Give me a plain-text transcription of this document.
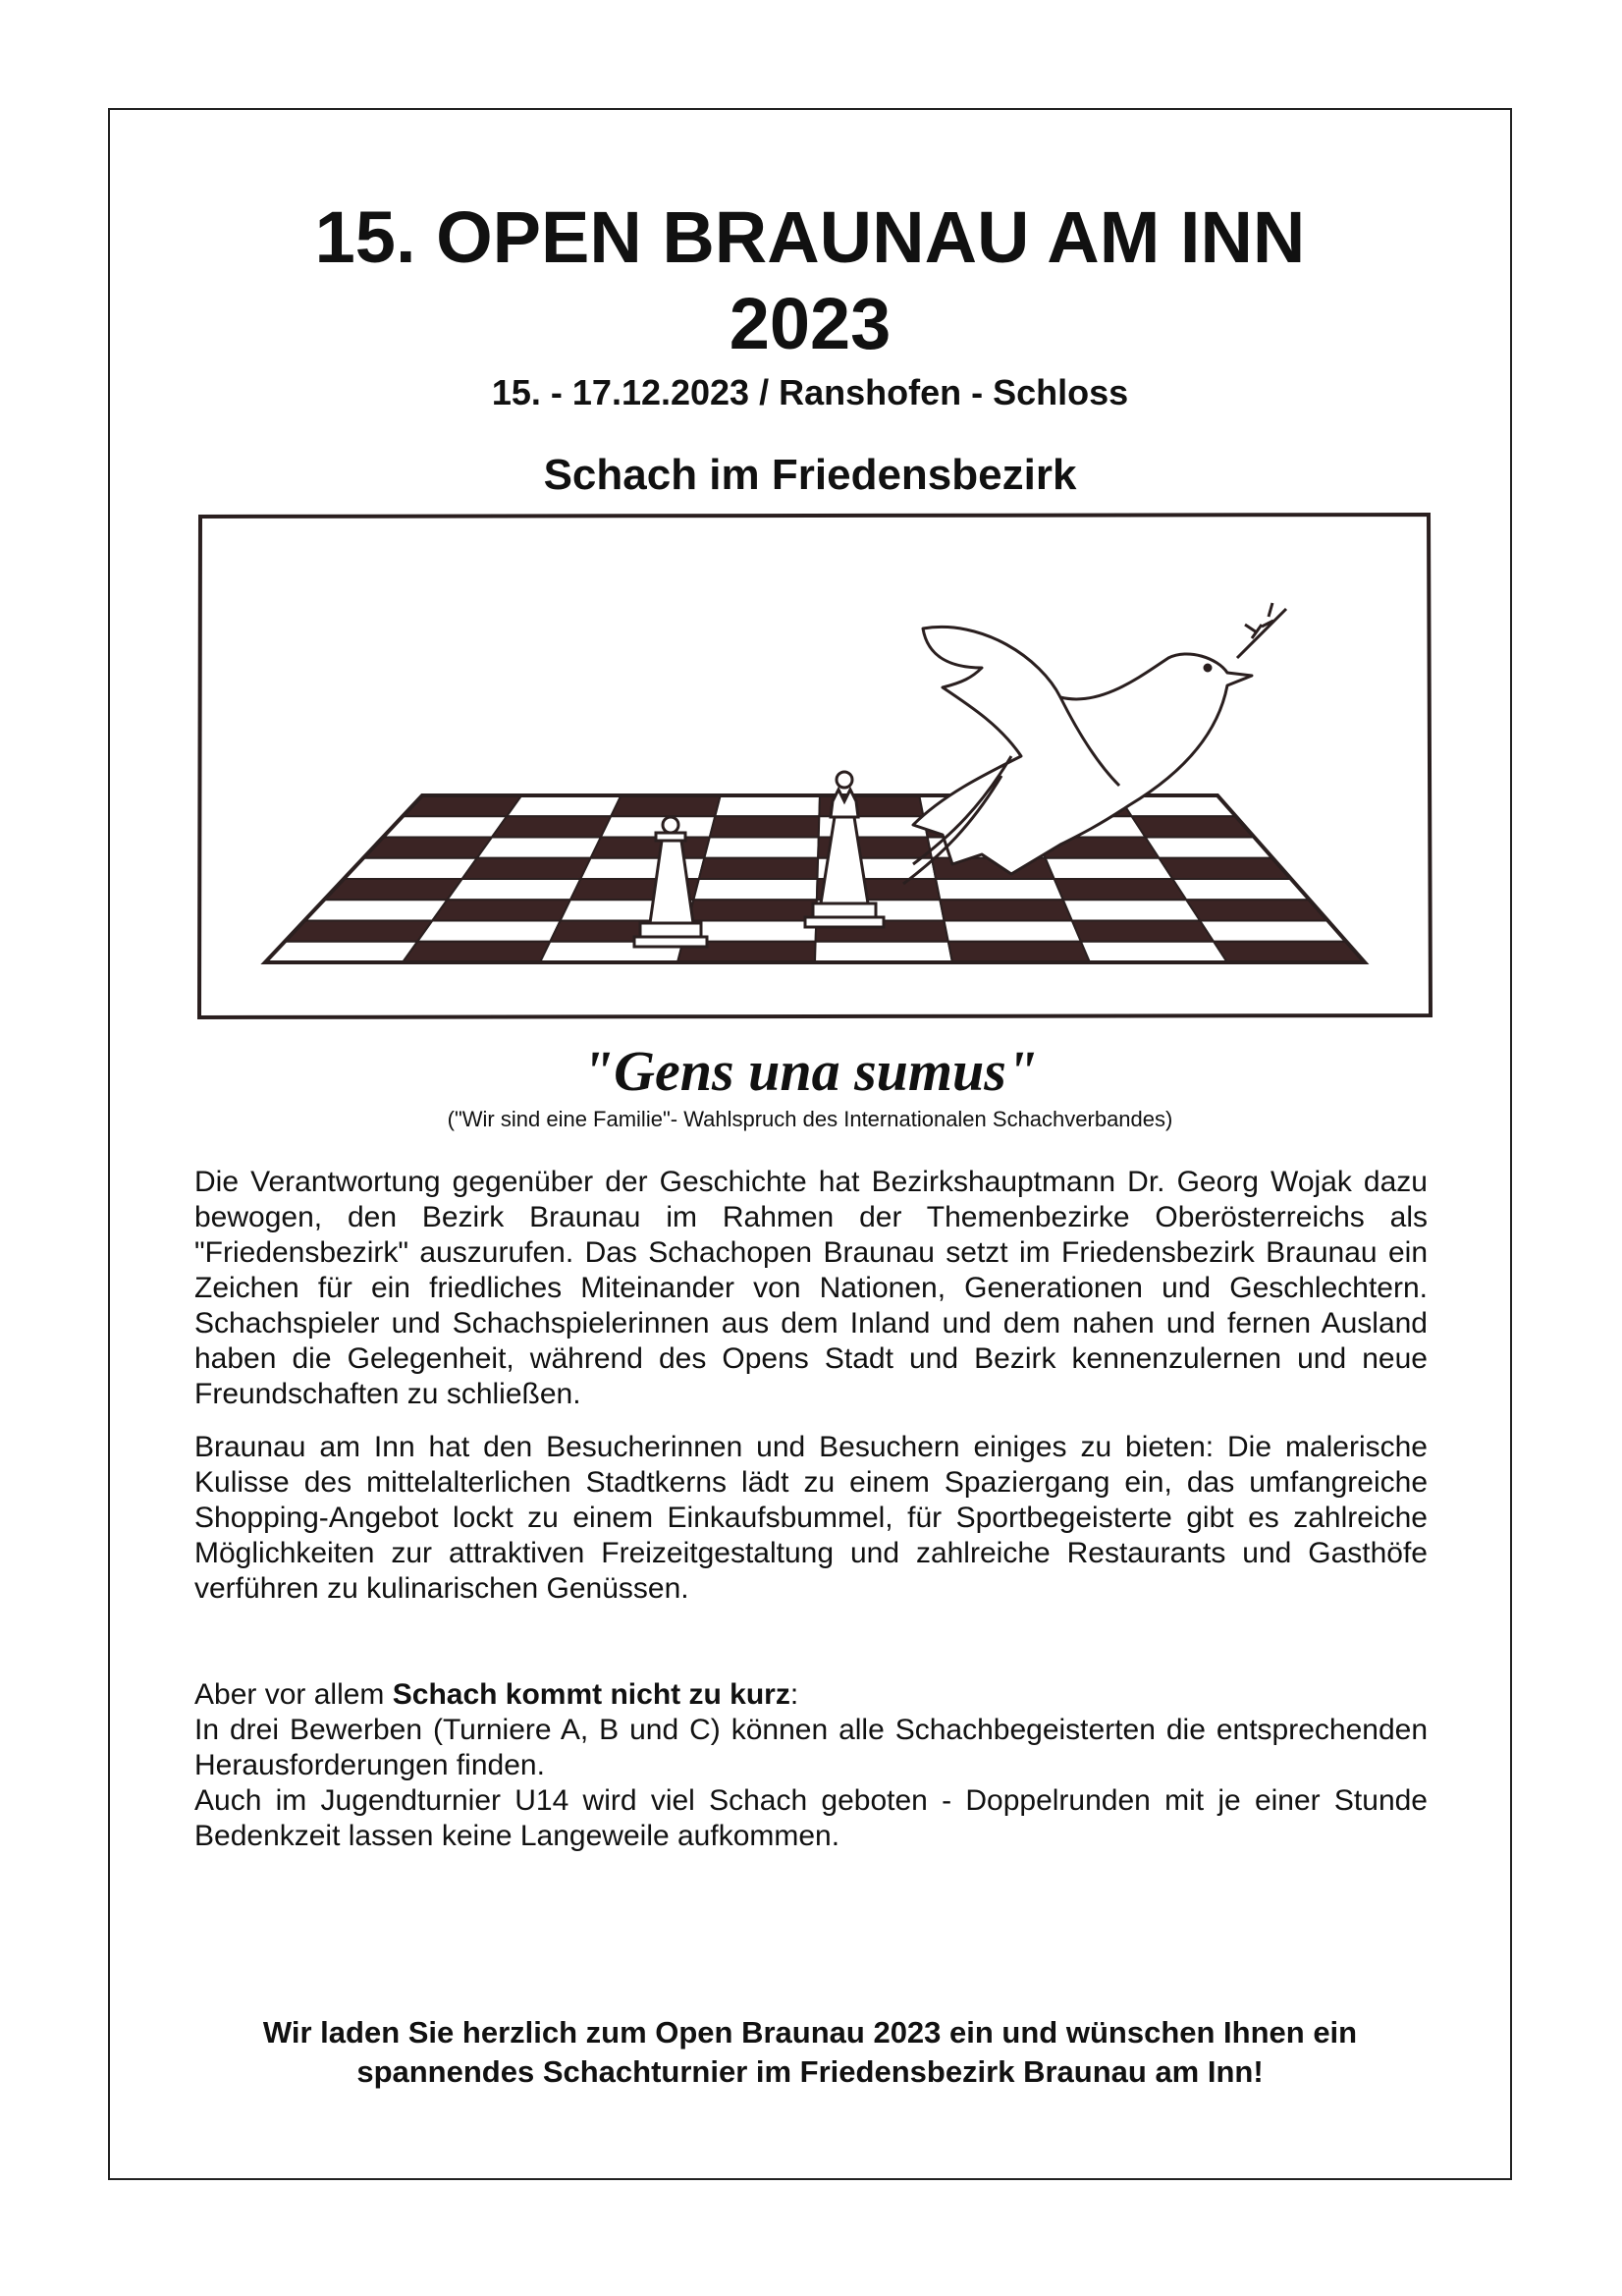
15. OPEN BRAUNAU AM INN
2023
15. - 17.12.2023 / Ranshofen - Schloss
Schach im Friedensbezirk
"Gens una sumus"
("Wir sind eine Familie"- Wahlspruch des Internationalen Schachverbandes)

Die Verantwortung gegenüber der Geschichte hat Bezirkshauptmann Dr. Georg Wojak dazu bewogen, den Bezirk Braunau im Rahmen der Themenbezirke Oberösterreichs als "Friedensbezirk" auszurufen. Das Schachopen Braunau setzt im Friedensbezirk Braunau ein Zeichen für ein friedliches Miteinander von Nationen, Generationen und Geschlechtern. Schachspieler und Schachspielerinnen aus dem Inland und dem nahen und fernen Ausland haben die Gelegenheit, während des Opens Stadt und Bezirk kennenzulernen und neue Freundschaften zu schließen.

Braunau am Inn hat den Besucherinnen und Besuchern einiges zu bieten: Die malerische Kulisse des mittelalterlichen Stadtkerns lädt zu einem Spaziergang ein, das umfangreiche Shopping-Angebot lockt zu einem Einkaufsbummel, für Sportbegeisterte gibt es zahlreiche Möglichkeiten zur attraktiven Freizeitgestaltung und zahlreiche Restaurants und Gasthöfe verführen zu kulinarischen Genüssen.

Aber vor allem Schach kommt nicht zu kurz:
In drei Bewerben (Turniere A, B und C) können alle Schachbegeisterten die entsprechenden Herausforderungen finden.
Auch im Jugendturnier U14 wird viel Schach geboten - Doppelrunden mit je einer Stunde Bedenkzeit lassen keine Langeweile aufkommen.

Wir laden Sie herzlich zum Open Braunau 2023 ein und wünschen Ihnen ein
spannendes Schachturnier im Friedensbezirk Braunau am Inn!
